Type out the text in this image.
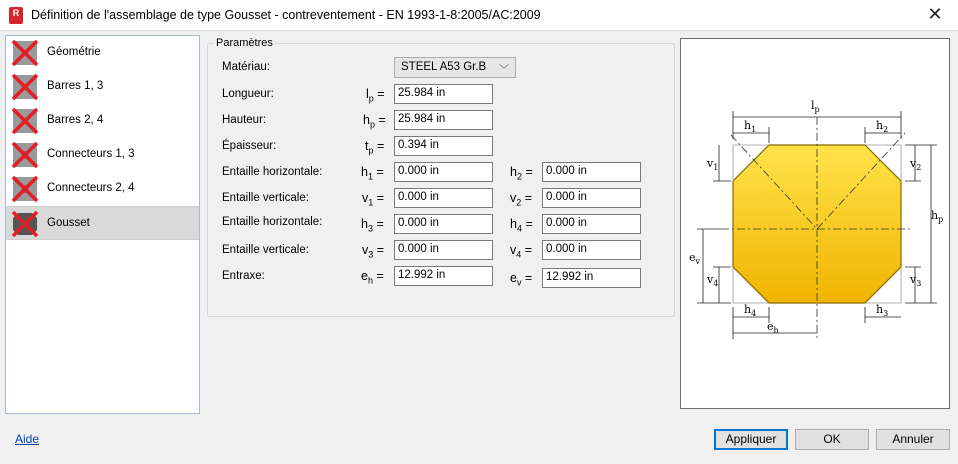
R Définition de l'assemblage de type Gousset - contreventement - EN 1993-1-8:2005/AC:2009	✕
Géométrie
Barres 1, 3
Barres 2, 4
Connecteurs 1, 3
Connecteurs 2, 4
Gousset
Paramètres
Matériau:	STEEL A53 Gr.B ﹀
Longueur:	$l_p$ =	25.984 in
Hauteur:	$h_p$ =	25.984 in
Épaisseur:	$t_p$ =	0.394 in
Entaille horizontale:	$h_1$ =	0.000 in	$h_2$ =	0.000 in
Entaille verticale:	$v_1$ =	0.000 in	$v_2$ =	0.000 in
Entaille horizontale:	$h_3$ =	0.000 in	$h_4$ =	0.000 in
Entaille verticale:	$v_3$ =	0.000 in	$v_4$ =	0.000 in
Entraxe:	$e_h$ =	12.992 in	$e_v$ =	12.992 in
$l_p$
$h_1$	$h_2$
$v_1$	$v_2$
$h_p$
$v_3$
$v_4$
$e_v$
$h_4$	$h_3$
$e_h$
Aide	Appliquer	OK	Annuler
